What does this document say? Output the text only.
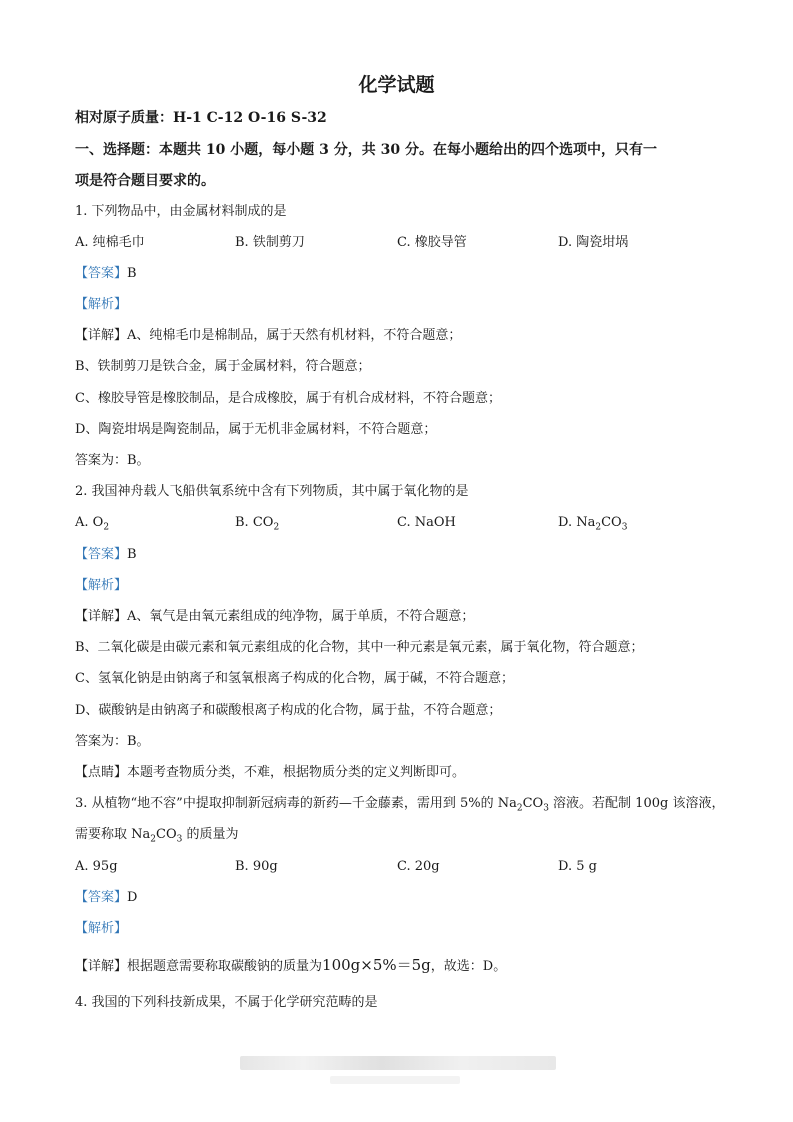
化学试题
相对原子质量：H-1 C-12 O-16 S-32
一、选择题：本题共 10 小题，每小题 3 分，共 30 分。在每小题给出的四个选项中，只有一
项是符合题目要求的。
1. 下列物品中，由金属材料制成的是
A. 纯棉毛巾	B. 铁制剪刀	C. 橡胶导管	D. 陶瓷坩埚
【答案】B
【解析】
【详解】A、纯棉毛巾是棉制品，属于天然有机材料，不符合题意；
B、铁制剪刀是铁合金，属于金属材料，符合题意；
C、橡胶导管是橡胶制品，是合成橡胶，属于有机合成材料，不符合题意；
D、陶瓷坩埚是陶瓷制品，属于无机非金属材料，不符合题意；
答案为：B。
2. 我国神舟载人飞船供氧系统中含有下列物质，其中属于氧化物的是
A. $O_2$	B. $CO_2$	C. NaOH	D. $Na_2CO_3$
【答案】B
【解析】
【详解】A、氧气是由氧元素组成的纯净物，属于单质，不符合题意；
B、二氧化碳是由碳元素和氧元素组成的化合物，其中一种元素是氧元素，属于氧化物，符合题意；
C、氢氧化钠是由钠离子和氢氧根离子构成的化合物，属于碱，不符合题意；
D、碳酸钠是由钠离子和碳酸根离子构成的化合物，属于盐，不符合题意；
答案为：B。
【点睛】本题考查物质分类，不难，根据物质分类的定义判断即可。
3. 从植物“地不容”中提取抑制新冠病毒的新药—千金藤素，需用到 5%的 $Na_2CO_3$ 溶液。若配制 100g 该溶液，
需要称取 $Na_2CO_3$ 的质量为
A. 95g	B. 90g	C. 20g	D. 5 g
【答案】D
【解析】
【详解】根据题意需要称取碳酸钠的质量为100g×5%＝5g，故选：D。
4. 我国的下列科技新成果，不属于化学研究范畴的是
